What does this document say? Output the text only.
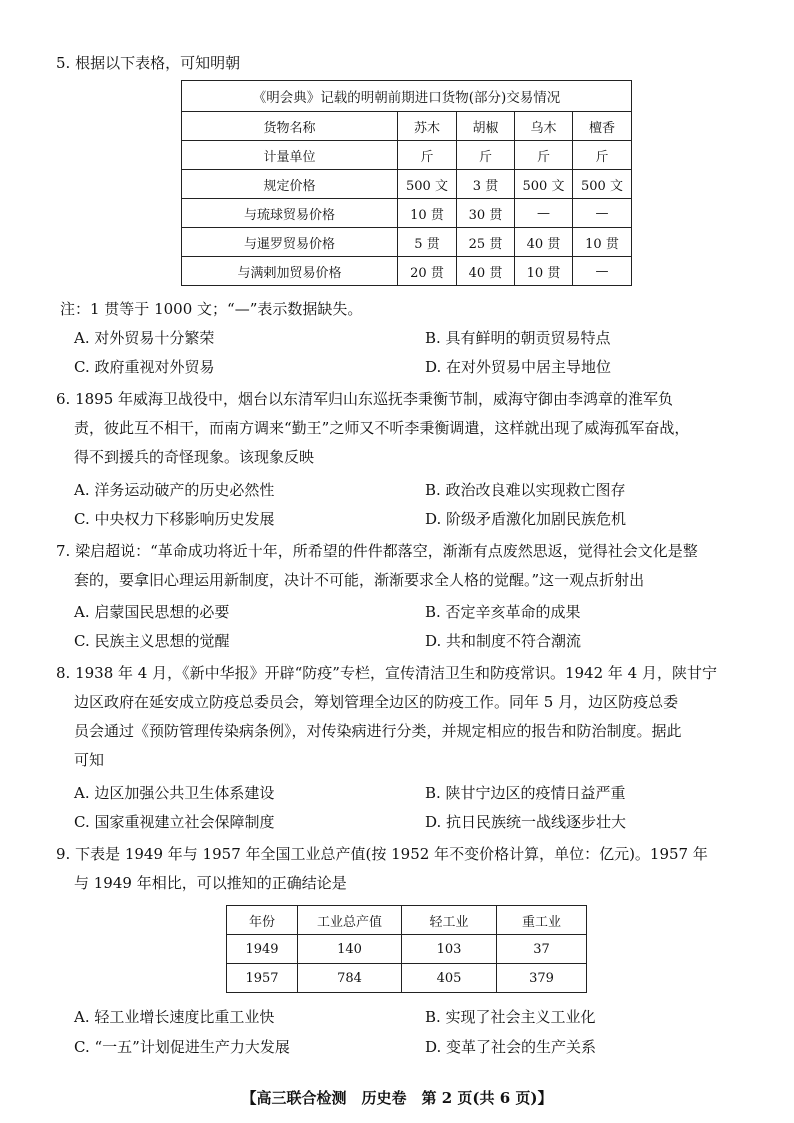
5. 根据以下表格，可知明朝
《明会典》记载的明朝前期进口货物(部分)交易情况				
货物名称	苏木	胡椒	乌木	檀香
计量单位	斤	斤	斤	斤
规定价格	500 文	3 贯	500 文	500 文
与琉球贸易价格	10 贯	30 贯	—	—
与暹罗贸易价格	5 贯	25 贯	40 贯	10 贯
与满剌加贸易价格	20 贯	40 贯	10 贯	—
注：1 贯等于 1000 文；“—”表示数据缺失。
A. 对外贸易十分繁荣	B. 具有鲜明的朝贡贸易特点
C. 政府重视对外贸易	D. 在对外贸易中居主导地位
6. 1895 年威海卫战役中，烟台以东清军归山东巡抚李秉衡节制，威海守御由李鸿章的淮军负
责，彼此互不相干，而南方调来“勤王”之师又不听李秉衡调遣，这样就出现了威海孤军奋战，
得不到援兵的奇怪现象。该现象反映
A. 洋务运动破产的历史必然性	B. 政治改良难以实现救亡图存
C. 中央权力下移影响历史发展	D. 阶级矛盾激化加剧民族危机
7. 梁启超说：“革命成功将近十年，所希望的件件都落空，渐渐有点废然思返，觉得社会文化是整
套的，要拿旧心理运用新制度，决计不可能，渐渐要求全人格的觉醒。”这一观点折射出
A. 启蒙国民思想的必要	B. 否定辛亥革命的成果
C. 民族主义思想的觉醒	D. 共和制度不符合潮流
8. 1938 年 4 月，《新中华报》开辟“防疫”专栏，宣传清洁卫生和防疫常识。1942 年 4 月，陕甘宁
边区政府在延安成立防疫总委员会，筹划管理全边区的防疫工作。同年 5 月，边区防疫总委
员会通过《预防管理传染病条例》，对传染病进行分类，并规定相应的报告和防治制度。据此
可知
A. 边区加强公共卫生体系建设	B. 陕甘宁边区的疫情日益严重
C. 国家重视建立社会保障制度	D. 抗日民族统一战线逐步壮大
9. 下表是 1949 年与 1957 年全国工业总产值(按 1952 年不变价格计算，单位：亿元)。1957 年
与 1949 年相比，可以推知的正确结论是
年份	工业总产值	轻工业	重工业
1949	140	103	37
1957	784	405	379
A. 轻工业增长速度比重工业快	B. 实现了社会主义工业化
C. “一五”计划促进生产力大发展	D. 变革了社会的生产关系
【高三联合检测　历史卷　第 2 页(共 6 页)】
